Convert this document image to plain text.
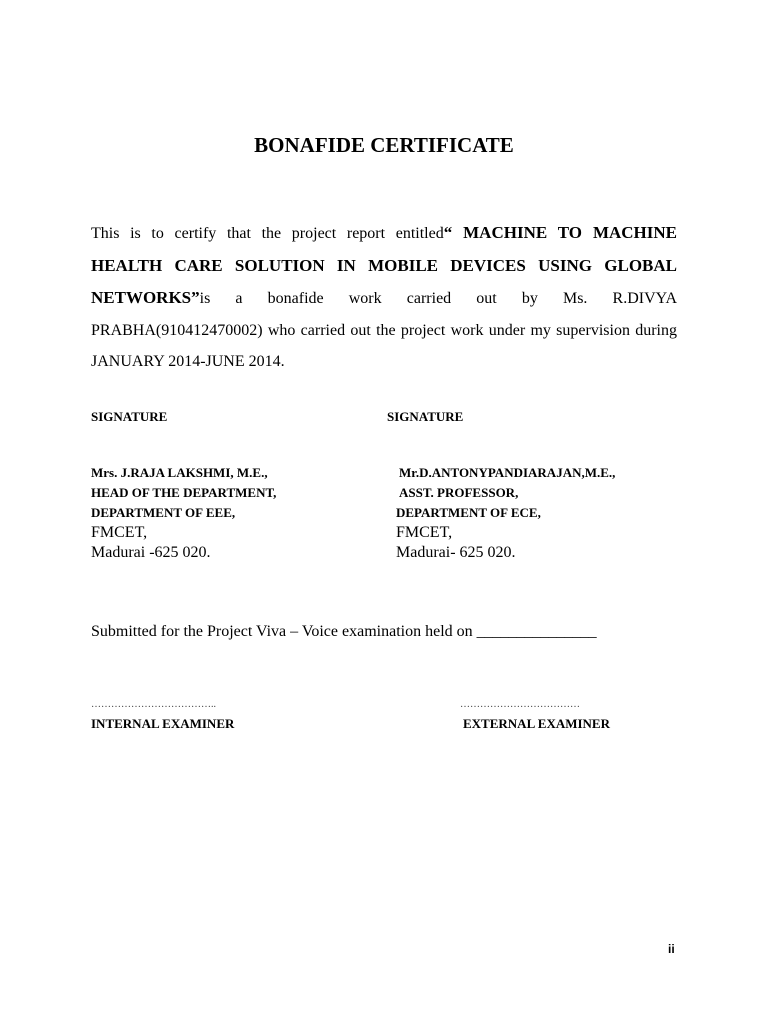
BONAFIDE CERTIFICATE
This is to certify that the project report entitled“ MACHINE TO MACHINE HEALTH CARE SOLUTION IN MOBILE DEVICES USING GLOBAL NETWORKS”is a bonafide work carried out by Ms. R.DIVYA PRABHA(910412470002) who carried out the project work under my supervision during JANUARY 2014-JUNE 2014.
SIGNATURE	SIGNATURE
Mrs. J.RAJA LAKSHMI, M.E.,
HEAD OF THE DEPARTMENT,
DEPARTMENT OF EEE,
FMCET,
Madurai -625 020.
Mr.D.ANTONYPANDIARAJAN,M.E.,
ASST. PROFESSOR,
DEPARTMENT OF ECE,
FMCET,
Madurai- 625 020.
Submitted for the Project Viva – Voice examination held on _______________
………………………………..
INTERNAL EXAMINER
………………………………
EXTERNAL EXAMINER
ii
